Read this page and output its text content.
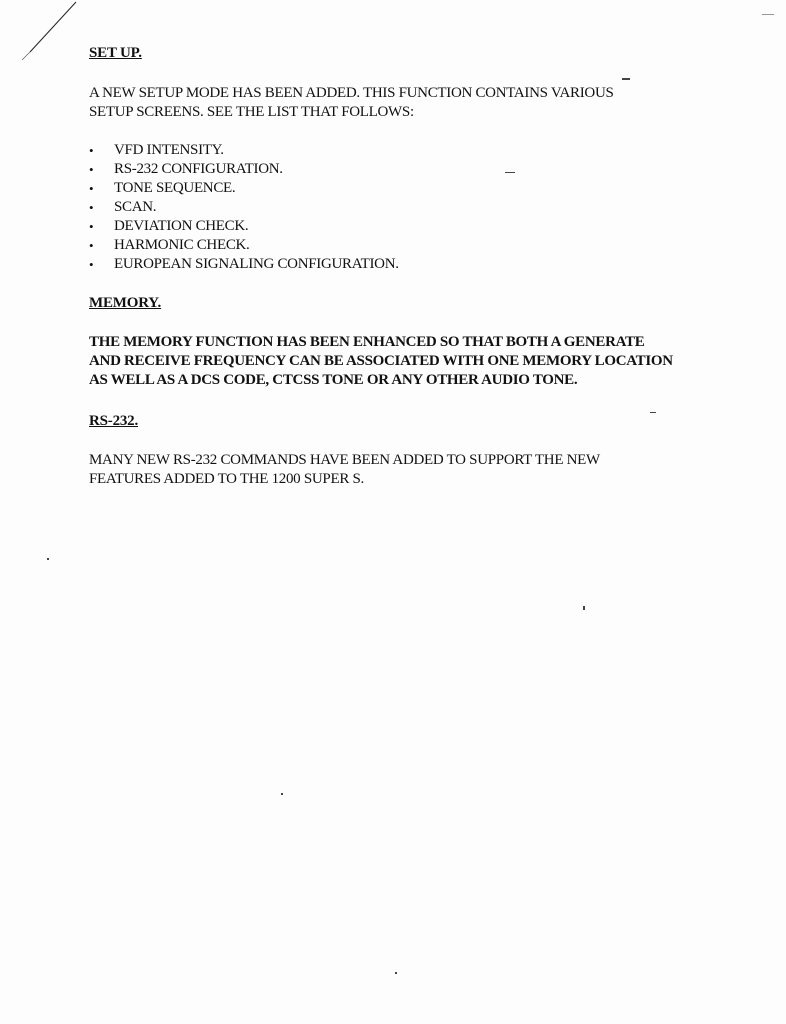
SET UP.

A NEW SETUP MODE HAS BEEN ADDED. THIS FUNCTION CONTAINS VARIOUS
SETUP SCREENS. SEE THE LIST THAT FOLLOWS:

•	VFD INTENSITY.
•	RS-232 CONFIGURATION.
•	TONE SEQUENCE.
•	SCAN.
•	DEVIATION CHECK.
•	HARMONIC CHECK.
•	EUROPEAN SIGNALING CONFIGURATION.
MEMORY.

THE MEMORY FUNCTION HAS BEEN ENHANCED SO THAT BOTH A GENERATE
AND RECEIVE FREQUENCY CAN BE ASSOCIATED WITH ONE MEMORY LOCATION
AS WELL AS A DCS CODE, CTCSS TONE OR ANY OTHER AUDIO TONE.

RS-232.

MANY NEW RS-232 COMMANDS HAVE BEEN ADDED TO SUPPORT THE NEW
FEATURES ADDED TO THE 1200 SUPER S.
